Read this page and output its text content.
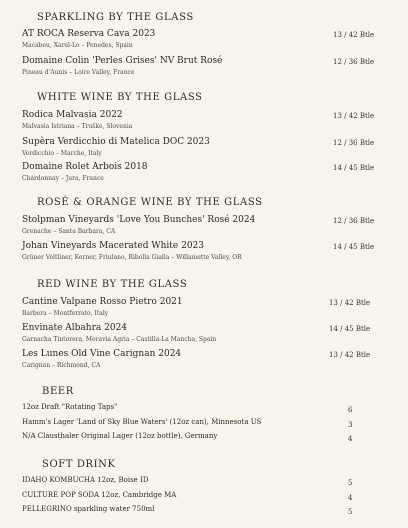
SPARKLING BY THE GLASS
AT ROCA Reserva Cava 2023
Macabeu, Xarel-Lo – Penedes, Spain
13 / 42 Btle
Domaine Colin 'Perles Grises' NV Brut Rosé
Pineau d'Aunis – Loire Valley, France
12 / 36 Btle
WHITE WINE BY THE GLASS
Rodica Malvasia 2022
Malvasia Istriana – Truške, Slovenia
13 / 42 Btle
Supèra Verdicchio di Matelica DOC 2023
Verdicchio – Marche, Italy
12 / 36 Btle
Domaine Rolet Arbois 2018
Chardonnay – Jura, France
14 / 45 Btle
ROSÉ & ORANGE WINE BY THE GLASS
Stolpman Vineyards 'Love You Bunches' Rosé 2024
Grenache – Santa Barbara, CA
12 / 36 Btle
Johan Vineyards Macerated White 2023
Grüner Veltliner, Kerner, Friulano, Ribolla Gialla – Willamette Valley, OR
14 / 45 Btle
RED WINE BY THE GLASS
Cantine Valpane Rosso Pietro 2021
Barbera – Montferrato, Italy
13 / 42 Btle
Envinate Albahra 2024
Garnacha Tintorera, Moravia Agria – Castilla-La Mancha, Spain
14 / 45 Btle
Les Lunes Old Vine Carignan 2024
Carignan – Richmond, CA
13 / 42 Btle
BEER
12oz Draft "Rotating Taps"	6
Hamm's Lager 'Land of Sky Blue Waters' (12oz can), Minnesota US	3
N/A Clausthaler Original Lager (12oz bottle), Germany	4
SOFT DRINK
IDAHO KOMBUCHA 12oz, Boise ID	5
CULTURE POP SODA 12oz, Cambridge MA	4
PELLEGRINO sparkling water 750ml	5
